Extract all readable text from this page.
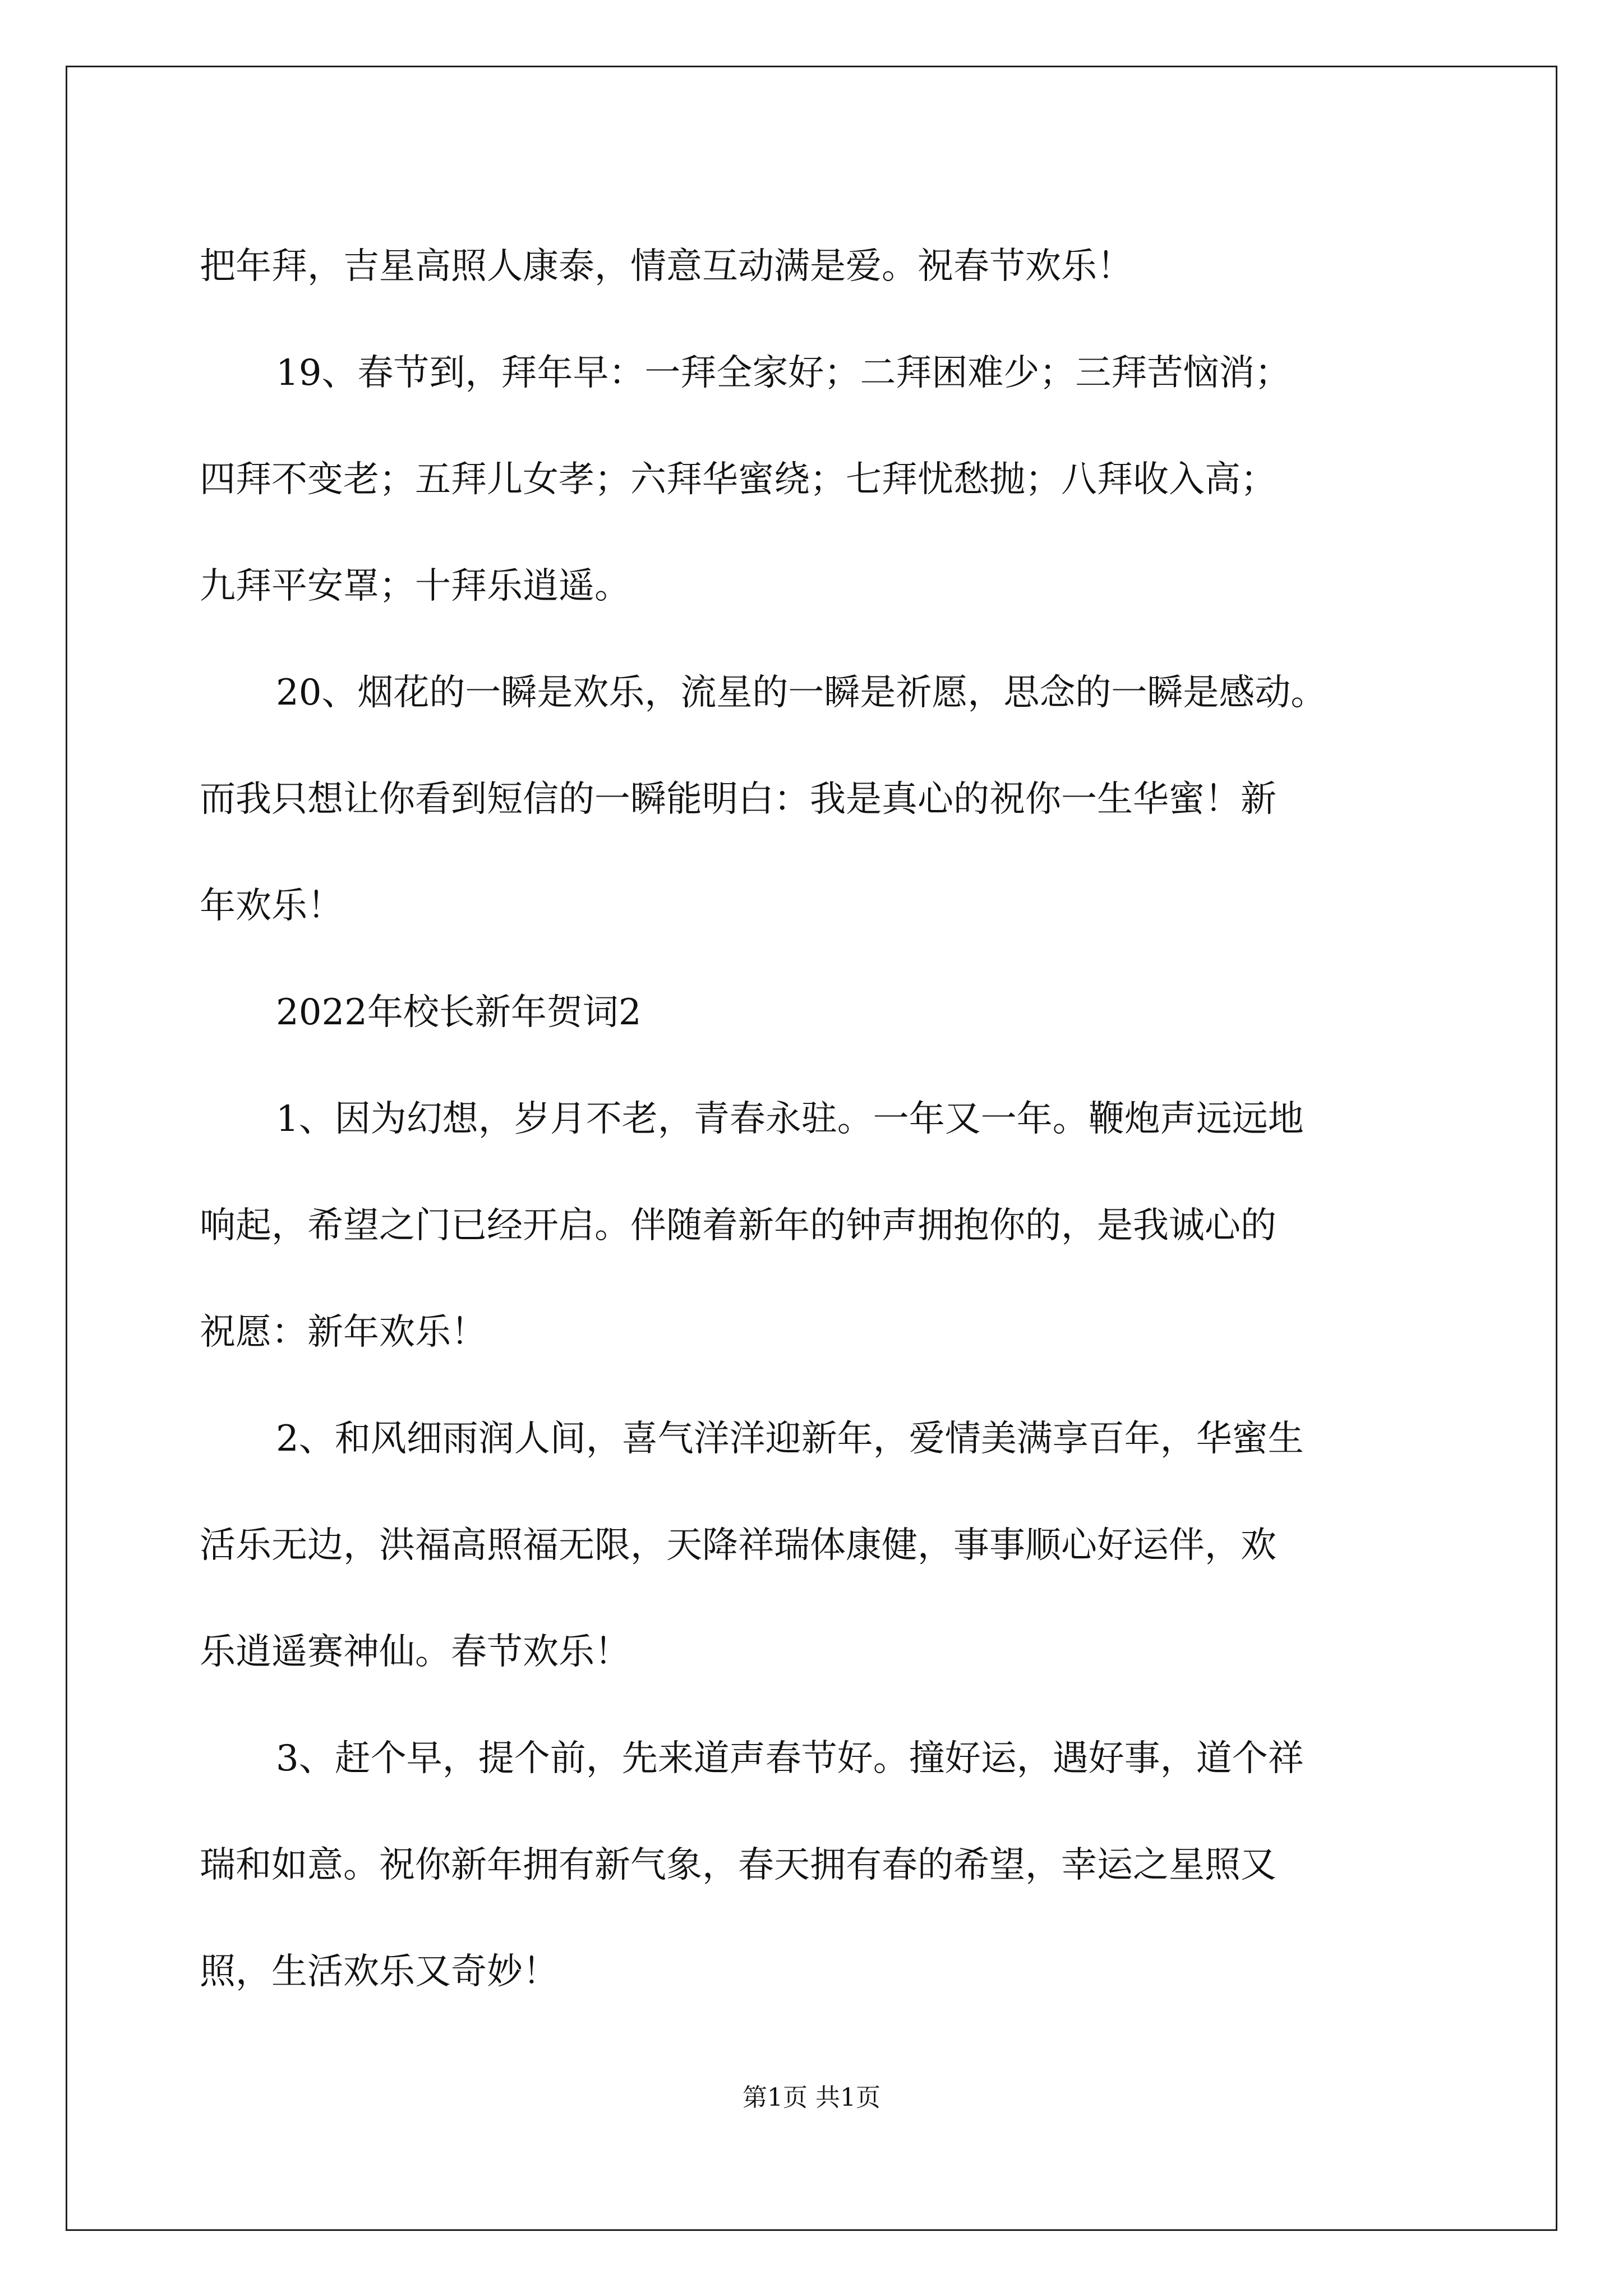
把年拜，吉星高照人康泰，情意互动满是爱。祝春节欢乐！

19、春节到，拜年早：一拜全家好；二拜困难少；三拜苦恼消；

四拜不变老；五拜儿女孝；六拜华蜜绕；七拜忧愁抛；八拜收入高；

九拜平安罩；十拜乐逍遥。

20、烟花的一瞬是欢乐，流星的一瞬是祈愿，思念的一瞬是感动。

而我只想让你看到短信的一瞬能明白：我是真心的祝你一生华蜜！新

年欢乐！

2022年校长新年贺词2

1、因为幻想，岁月不老，青春永驻。一年又一年。鞭炮声远远地

响起，希望之门已经开启。伴随着新年的钟声拥抱你的，是我诚心的

祝愿：新年欢乐！

2、和风细雨润人间，喜气洋洋迎新年，爱情美满享百年，华蜜生

活乐无边，洪福高照福无限，天降祥瑞体康健，事事顺心好运伴，欢

乐逍遥赛神仙。春节欢乐！

3、赶个早，提个前，先来道声春节好。撞好运，遇好事，道个祥

瑞和如意。祝你新年拥有新气象，春天拥有春的希望，幸运之星照又

照，生活欢乐又奇妙！

第1页 共1页
